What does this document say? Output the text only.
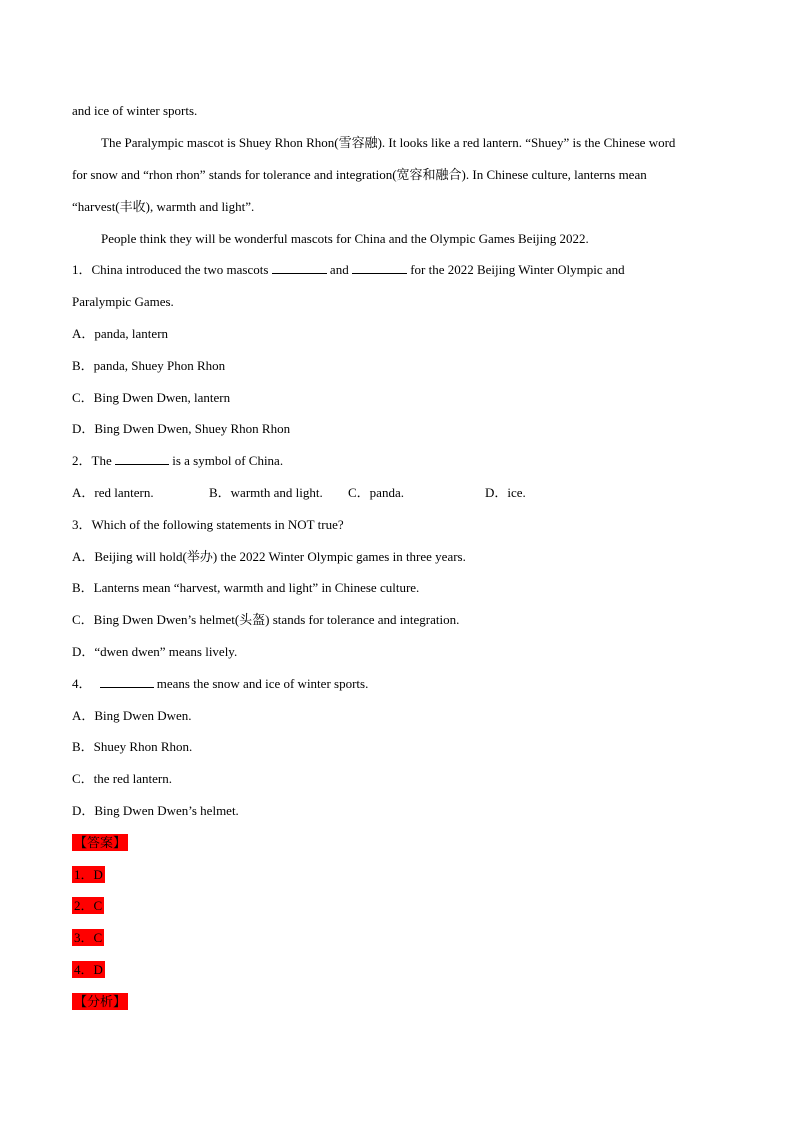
and ice of winter sports.
The Paralympic mascot is Shuey Rhon Rhon(雪容融). It looks like a red lantern. “Shuey” is the Chinese word
for snow and “rhon rhon” stands for tolerance and integration(宽容和融合). In Chinese culture, lanterns mean
“harvest(丰收), warmth and light”.
People think they will be wonderful mascots for China and the Olympic Games Beijing 2022.
1．China introduced the two mascots	and	for the 2022 Beijing Winter Olympic and
Paralympic Games.
A．panda, lantern
B．panda, Shuey Phon Rhon
C．Bing Dwen Dwen, lantern
D．Bing Dwen Dwen, Shuey Rhon Rhon
2．The	is a symbol of China.
A．red lantern.	B．warmth and light. C．panda.	D．ice.
3．Which of the following statements in NOT true?
A．Beijing will hold(举办) the 2022 Winter Olympic games in three years.
B．Lanterns mean “harvest, warmth and light” in Chinese culture.
C．Bing Dwen Dwen’s helmet(头盔) stands for tolerance and integration.
D．“dwen dwen” means lively.
4．	means the snow and ice of winter sports.
A．Bing Dwen Dwen.
B．Shuey Rhon Rhon.
C．the red lantern.
D．Bing Dwen Dwen’s helmet.
【答案】
1．D
2．C
3．C
4．D
【分析】
